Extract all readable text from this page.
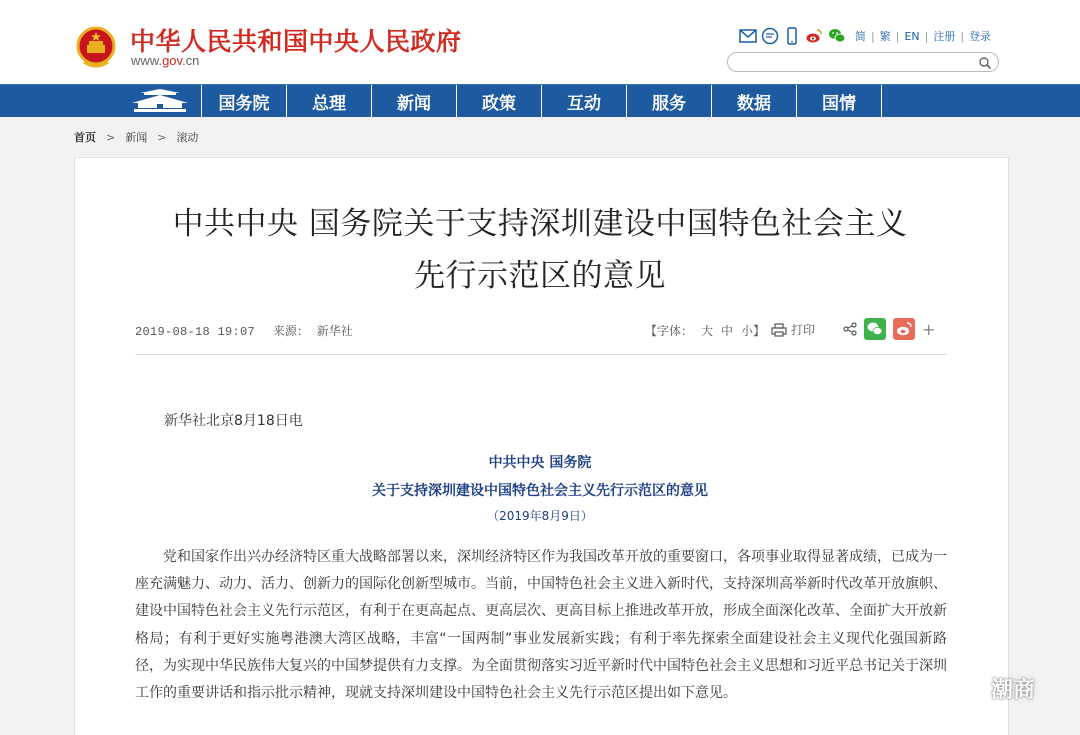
中华人民共和国中央人民政府
www.gov.cn
简 | 繁 | EN | 注册 | 登录
国务院	总理	新闻	政策	互动	服务	数据	国情
首页 > 新闻 > 滚动
中共中央 国务院关于支持深圳建设中国特色社会主义
先行示范区的意见
2019-08-18 19:07 来源： 新华社	【字体： 大 中 小】 打印	+
新华社北京8月18日电
中共中央 国务院
关于支持深圳建设中国特色社会主义先行示范区的意见
（2019年8月9日）
党和国家作出兴办经济特区重大战略部署以来，深圳经济特区作为我国改革开放的重要窗口，各项事业取得显著成绩，已成为一座充满魅力、动力、活力、创新力的国际化创新型城市。当前，中国特色社会主义进入新时代，支持深圳高举新时代改革开放旗帜、建设中国特色社会主义先行示范区，有利于在更高起点、更高层次、更高目标上推进改革开放，形成全面深化改革、全面扩大开放新格局；有利于更好实施粤港澳大湾区战略，丰富“一国两制”事业发展新实践；有利于率先探索全面建设社会主义现代化强国新路径，为实现中华民族伟大复兴的中国梦提供有力支撑。为全面贯彻落实习近平新时代中国特色社会主义思想和习近平总书记关于深圳工作的重要讲话和指示批示精神，现就支持深圳建设中国特色社会主义先行示范区提出如下意见。	潮商
